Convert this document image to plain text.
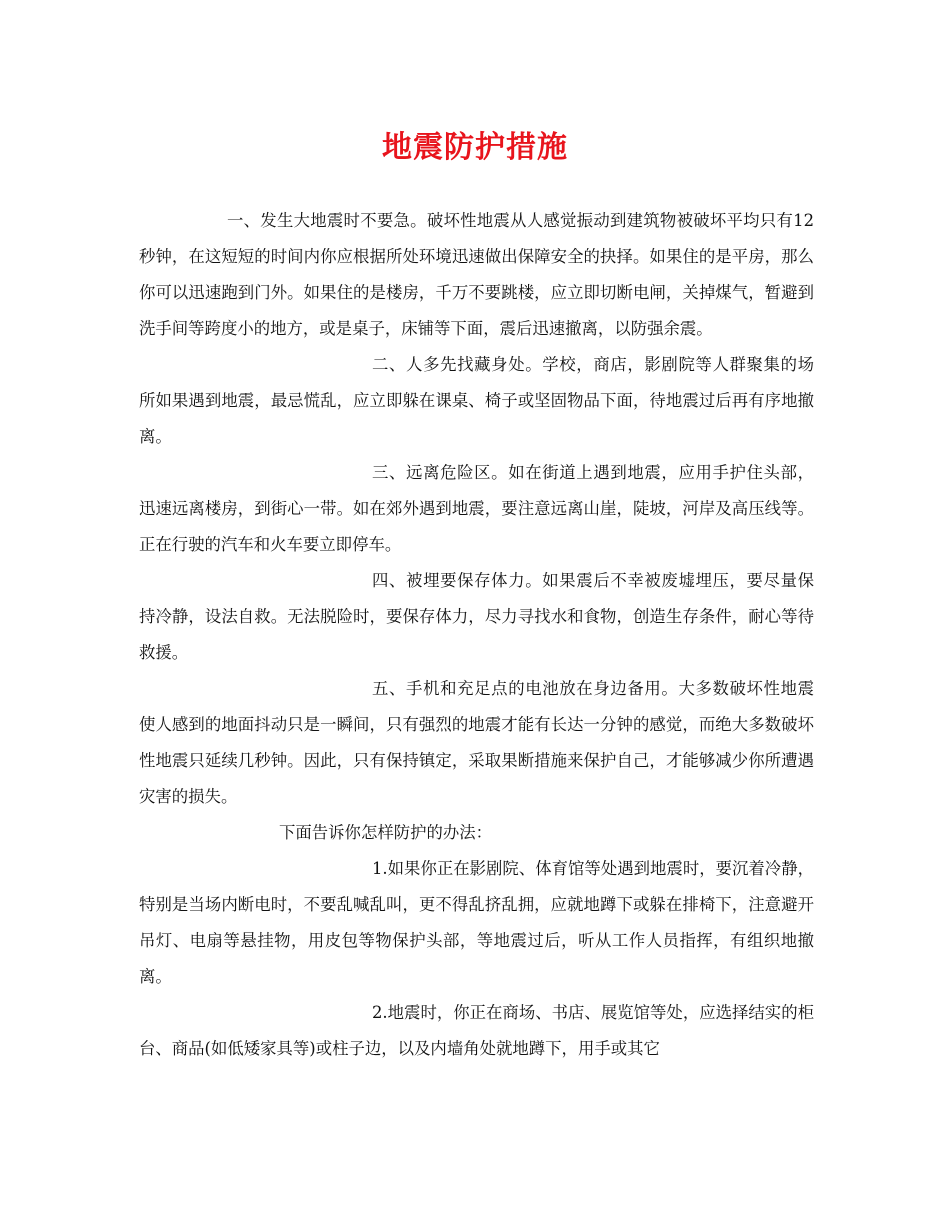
地震防护措施

一、发生大地震时不要急。破坏性地震从人感觉振动到建筑物被破坏平均只有12秒钟，在这短短的时间内你应根据所处环境迅速做出保障安全的抉择。如果住的是平房，那么你可以迅速跑到门外。如果住的是楼房，千万不要跳楼，应立即切断电闸，关掉煤气，暂避到洗手间等跨度小的地方，或是桌子，床铺等下面，震后迅速撤离，以防强余震。

二、人多先找藏身处。学校，商店，影剧院等人群聚集的场所如果遇到地震，最忌慌乱，应立即躲在课桌、椅子或坚固物品下面，待地震过后再有序地撤离。

三、远离危险区。如在街道上遇到地震，应用手护住头部，迅速远离楼房，到街心一带。如在郊外遇到地震，要注意远离山崖，陡坡，河岸及高压线等。正在行驶的汽车和火车要立即停车。

四、被埋要保存体力。如果震后不幸被废墟埋压，要尽量保持冷静，设法自救。无法脱险时，要保存体力，尽力寻找水和食物，创造生存条件，耐心等待救援。

五、手机和充足点的电池放在身边备用。大多数破坏性地震使人感到的地面抖动只是一瞬间，只有强烈的地震才能有长达一分钟的感觉，而绝大多数破坏性地震只延续几秒钟。因此，只有保持镇定，采取果断措施来保护自己，才能够减少你所遭遇灾害的损失。

下面告诉你怎样防护的办法：

1.如果你正在影剧院、体育馆等处遇到地震时，要沉着冷静，特别是当场内断电时，不要乱喊乱叫，更不得乱挤乱拥，应就地蹲下或躲在排椅下，注意避开吊灯、电扇等悬挂物，用皮包等物保护头部，等地震过后，听从工作人员指挥，有组织地撤离。

2.地震时，你正在商场、书店、展览馆等处，应选择结实的柜台、商品(如低矮家具等)或柱子边，以及内墙角处就地蹲下，用手或其它
